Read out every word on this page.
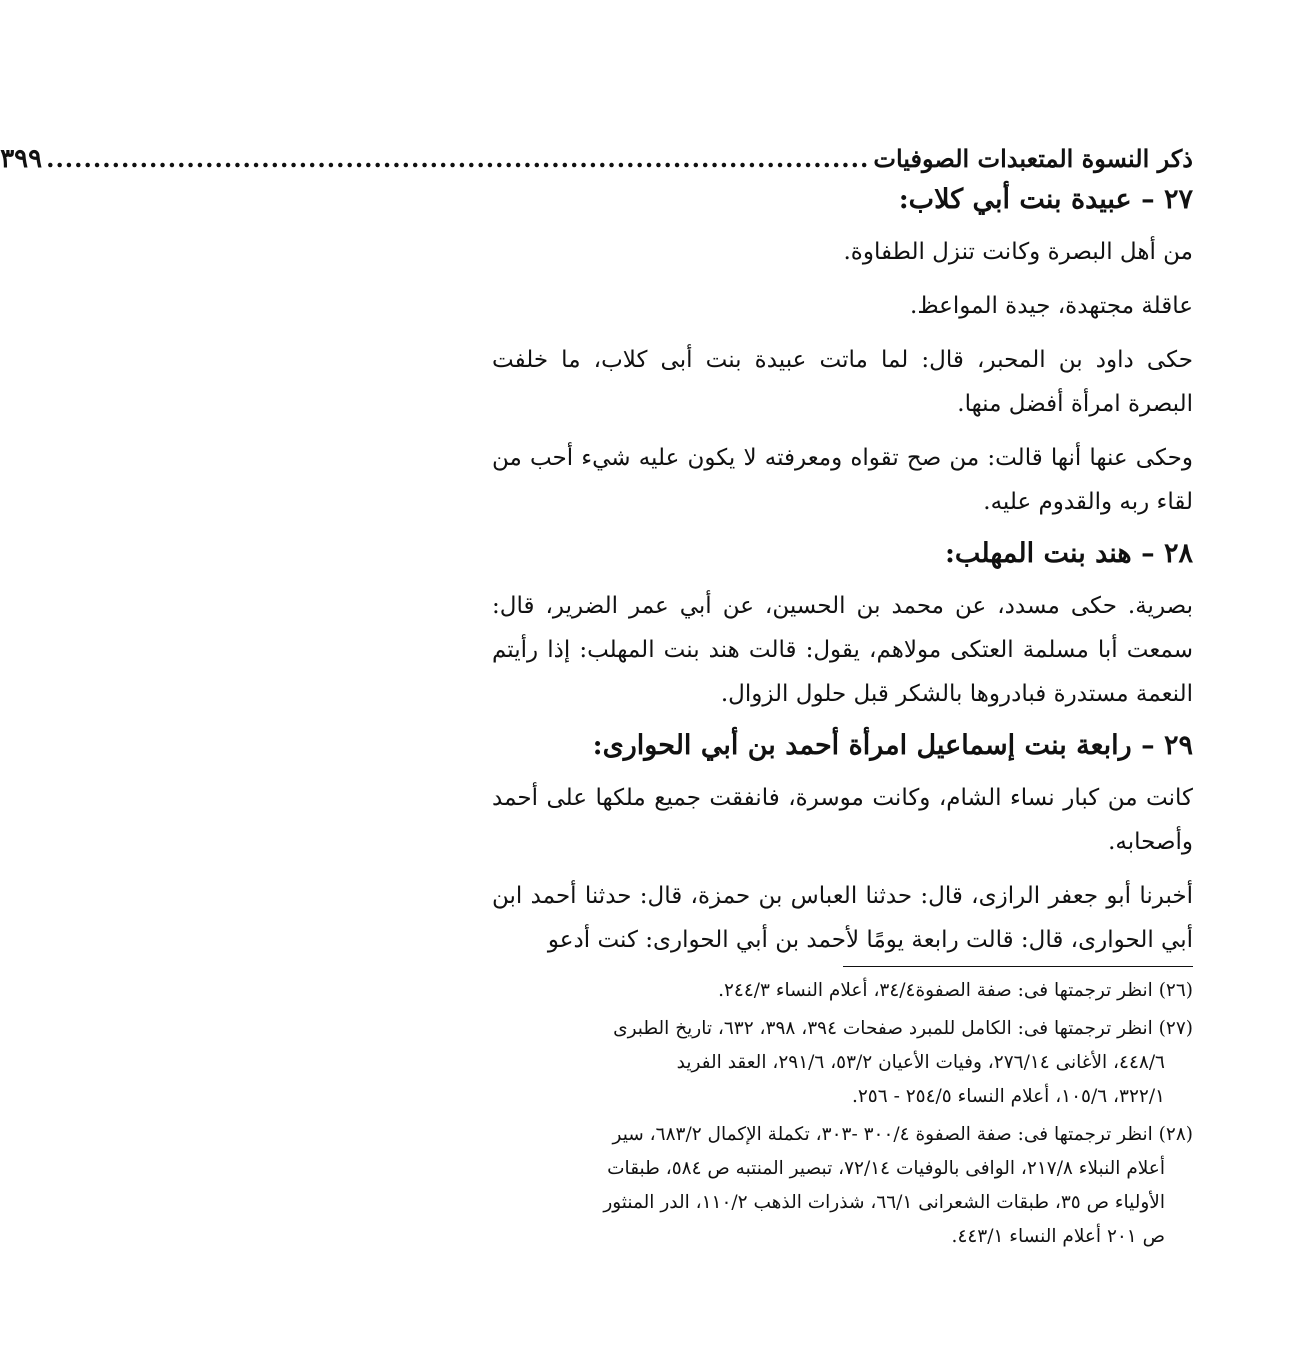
ذكر النسوة المتعبدات الصوفيات
........................................................................................
٣٩٩
٢٧ – عبيدة بنت أبي كلاب:

من أهل البصرة وكانت تنزل الطفاوة.

عاقلة مجتهدة، جيدة المواعظ.

حكى داود بن المحبر، قال: لما ماتت عبيدة بنت أبى كلاب، ما خلفت البصرة امرأة أفضل منها.

وحكى عنها أنها قالت: من صح تقواه ومعرفته لا يكون عليه شيء أحب من لقاء ربه والقدوم عليه.

٢٨ – هند بنت المهلب:

بصرية. حكى مسدد، عن محمد بن الحسين، عن أبي عمر الضرير، قال: سمعت أبا مسلمة العتكى مولاهم، يقول: قالت هند بنت المهلب: إذا رأيتم النعمة مستدرة فبادروها بالشكر قبل حلول الزوال.

٢٩ – رابعة بنت إسماعيل امرأة أحمد بن أبي الحوارى:

كانت من كبار نساء الشام، وكانت موسرة، فانفقت جميع ملكها على أحمد وأصحابه.

أخبرنا أبو جعفر الرازى، قال: حدثنا العباس بن حمزة، قال: حدثنا أحمد ابن أبي الحوارى، قال: قالت رابعة يومًا لأحمد بن أبي الحوارى: كنت أدعو

(٢٦) انظر ترجمتها فى: صفة الصفوة٣٤/٤، أعلام النساء ٢٤٤/٣.

(٢٧) انظر ترجمتها فى: الكامل للمبرد صفحات ٣٩٤، ٣٩٨، ٦٣٢، تاريخ الطبرى
٤٤٨/٦، الأغانى ٢٧٦/١٤، وفيات الأعيان ٥٣/٢، ٢٩١/٦، العقد الفريد
٣٢٢/١، ١٠٥/٦، أعلام النساء ٢٥٤/٥ - ٢٥٦.

(٢٨) انظر ترجمتها فى: صفة الصفوة ٣٠٠/٤ -٣٠٣، تكملة الإكمال ٦٨٣/٢، سير
أعلام النبلاء ٢١٧/٨، الوافى بالوفيات ٧٢/١٤، تبصير المنتبه ص ٥٨٤، طبقات
الأولياء ص ٣٥، طبقات الشعرانى ٦٦/١، شذرات الذهب ١١٠/٢، الدر المنثور
ص ٢٠١ أعلام النساء ٤٤٣/١.
